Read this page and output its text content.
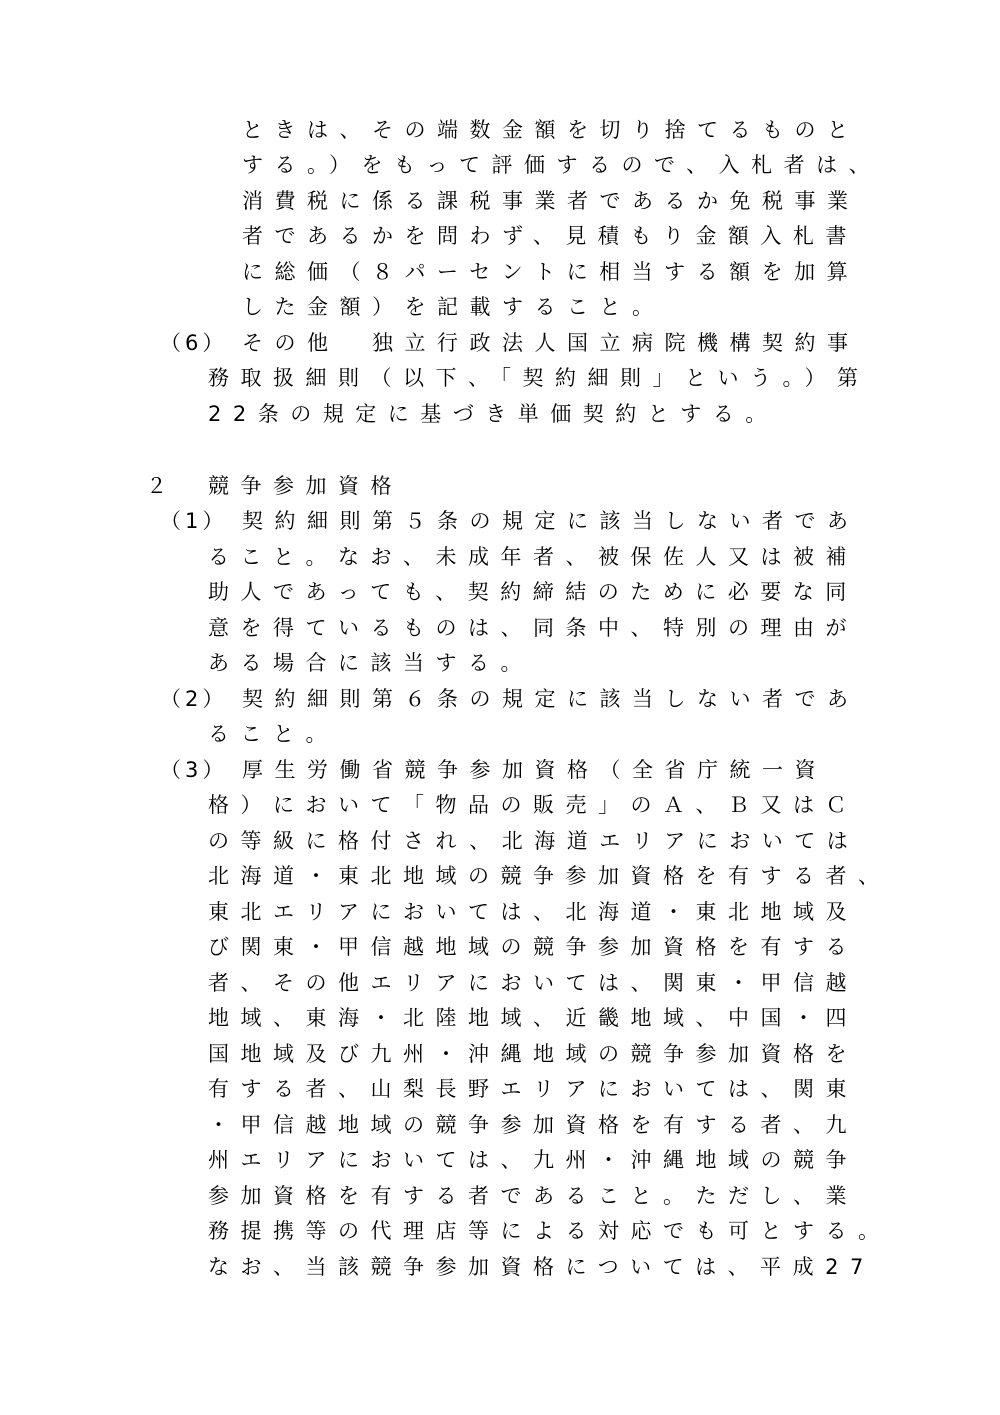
ときは、その端数金額を切り捨てるものと

する。）をもって評価するので、入札者は、

消費税に係る課税事業者であるか免税事業

者であるかを問わず、見積もり金額入札書

に総価（８パーセントに相当する額を加算

した金額）を記載すること。

（6） その他　独立行政法人国立病院機構契約事

務取扱細則（以下、「契約細則」という。）第

22条の規定に基づき単価契約とする。

２ 競争参加資格

（1） 契約細則第５条の規定に該当しない者であ

ること。なお、未成年者、被保佐人又は被補

助人であっても、契約締結のために必要な同

意を得ているものは、同条中、特別の理由が

ある場合に該当する。

（2） 契約細則第６条の規定に該当しない者であ

ること。

（3） 厚生労働省競争参加資格（全省庁統一資

格）において「物品の販売」のＡ、Ｂ又はＣ

の等級に格付され、北海道エリアにおいては

北海道・東北地域の競争参加資格を有する者、

東北エリアにおいては、北海道・東北地域及

び関東・甲信越地域の競争参加資格を有する

者、その他エリアにおいては、関東・甲信越

地域、東海・北陸地域、近畿地域、中国・四

国地域及び九州・沖縄地域の競争参加資格を

有する者、山梨長野エリアにおいては、関東

・甲信越地域の競争参加資格を有する者、九

州エリアにおいては、九州・沖縄地域の競争

参加資格を有する者であること。ただし、業

務提携等の代理店等による対応でも可とする。

なお、当該競争参加資格については、平成27
